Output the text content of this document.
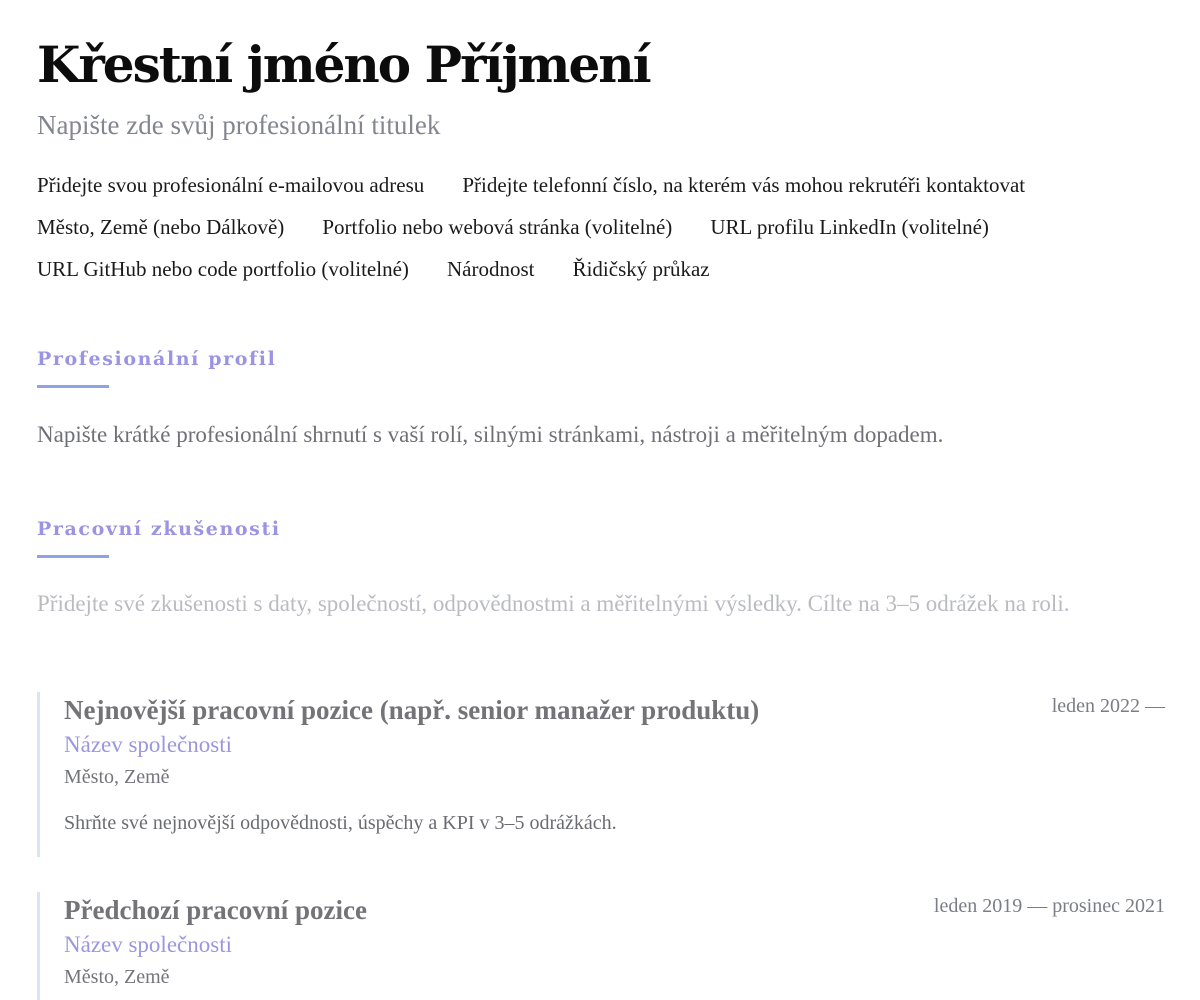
Křestní jméno Příjmení

Napište zde svůj profesionální titulek

Přidejte svou profesionální e-mailovou adresu Přidejte telefonní číslo, na kterém vás mohou rekrutéři kontaktovat
Město, Země (nebo Dálkově) Portfolio nebo webová stránka (volitelné) URL profilu LinkedIn (volitelné)
URL GitHub nebo code portfolio (volitelné) Národnost Řidičský průkaz
Profesionální profil

Napište krátké profesionální shrnutí s vaší rolí, silnými stránkami, nástroji a měřitelným dopadem.

Pracovní zkušenosti

Přidejte své zkušenosti s daty, společností, odpovědnostmi a měřitelnými výsledky. Cílte na 3–5 odrážek na roli.

Nejnovější pracovní pozice (např. senior manažer produktu)	leden 2022 —

Název společnosti

Město, Země

Shrňte své nejnovější odpovědnosti, úspěchy a KPI v 3–5 odrážkách.

Předchozí pracovní pozice	leden 2019 — prosinec 2021

Název společnosti

Město, Země
